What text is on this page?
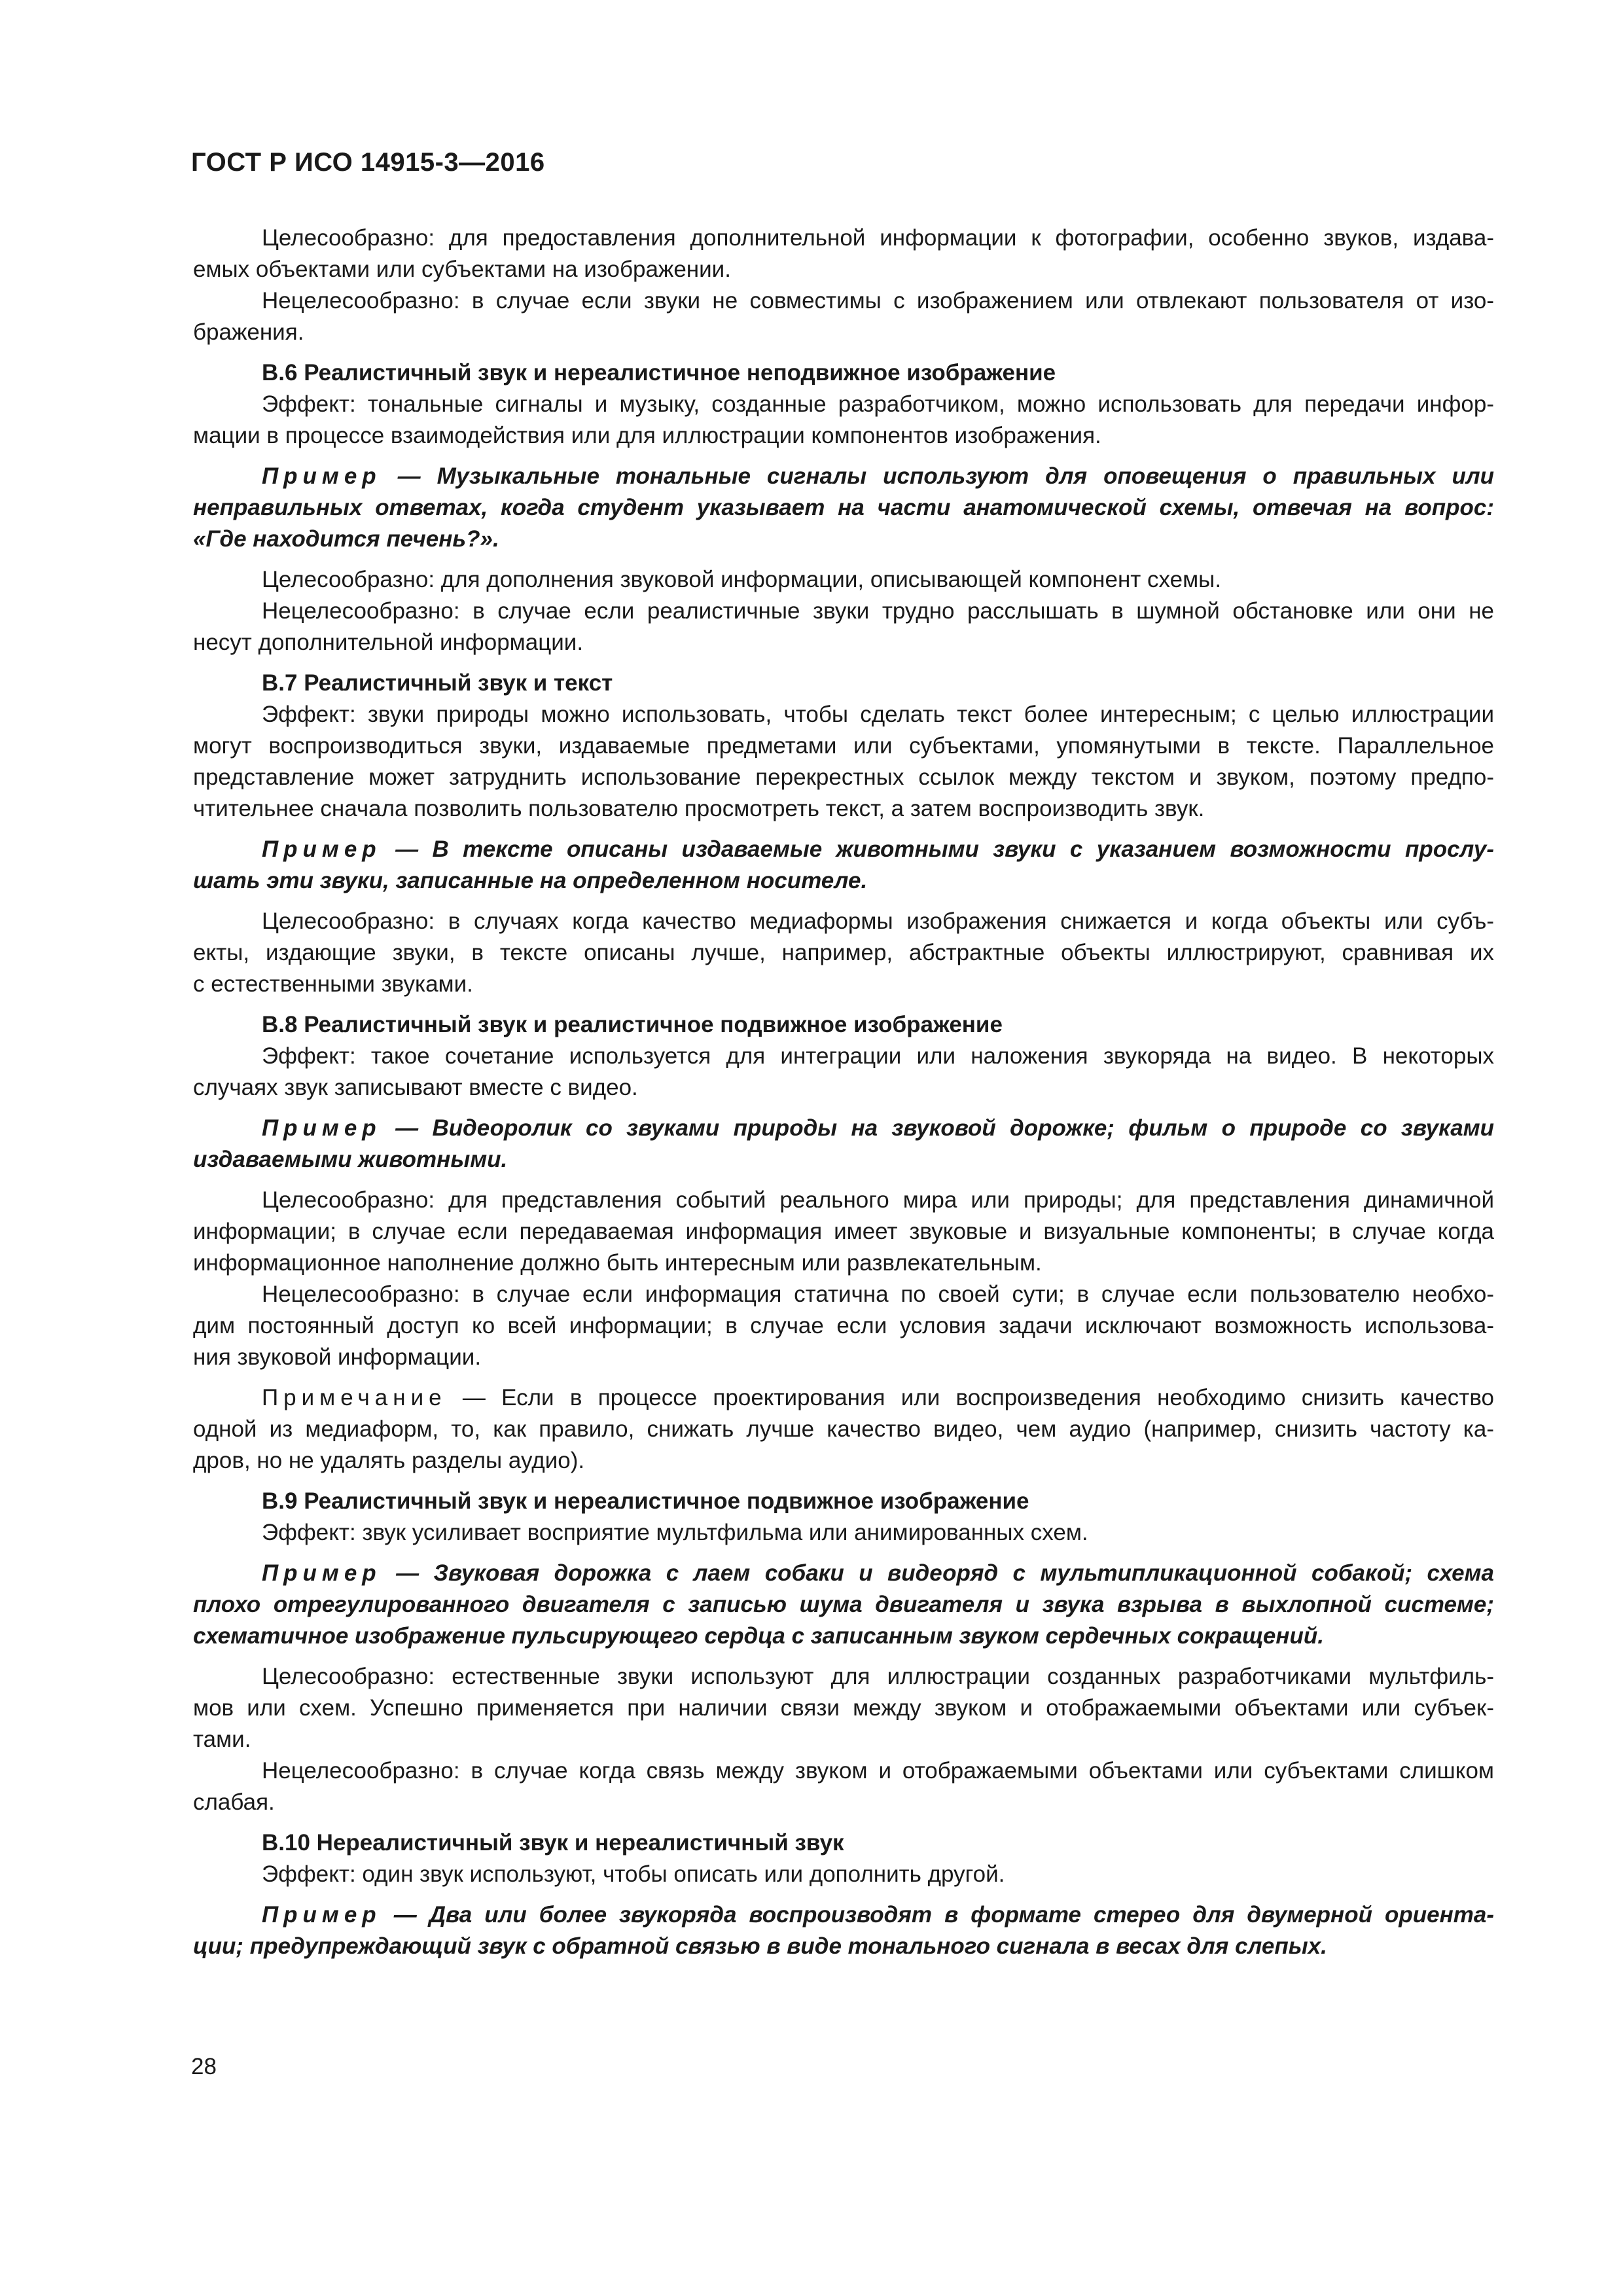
ГОСТ Р ИСО 14915-3—2016
Целесообразно: для предоставления дополнительной информации к фотографии, особенно звуков, издава-
емых объектами или субъектами на изображении.
Нецелесообразно: в случае если звуки не совместимы с изображением или отвлекают пользователя от изо-
бражения.
В.6 Реалистичный звук и нереалистичное неподвижное изображение
Эффект: тональные сигналы и музыку, созданные разработчиком, можно использовать для передачи инфор-
мации в процессе взаимодействия или для иллюстрации компонентов изображения.
Пример — Музыкальные тональные сигналы используют для оповещения о правильных или
неправильных ответах, когда студент указывает на части анатомической схемы, отвечая на вопрос:
«Где находится печень?».
Целесообразно: для дополнения звуковой информации, описывающей компонент схемы.
Нецелесообразно: в случае если реалистичные звуки трудно расслышать в шумной обстановке или они не
несут дополнительной информации.
В.7 Реалистичный звук и текст
Эффект: звуки природы можно использовать, чтобы сделать текст более интересным; с целью иллюстрации
могут воспроизводиться звуки, издаваемые предметами или субъектами, упомянутыми в тексте. Параллельное
представление может затруднить использование перекрестных ссылок между текстом и звуком, поэтому предпо-
чтительнее сначала позволить пользователю просмотреть текст, а затем воспроизводить звук.
Пример — В тексте описаны издаваемые животными звуки с указанием возможности прослу-
шать эти звуки, записанные на определенном носителе.
Целесообразно: в случаях когда качество медиаформы изображения снижается и когда объекты или субъ-
екты, издающие звуки, в тексте описаны лучше, например, абстрактные объекты иллюстрируют, сравнивая их
с естественными звуками.
В.8 Реалистичный звук и реалистичное подвижное изображение
Эффект: такое сочетание используется для интеграции или наложения звукоряда на видео. В некоторых
случаях звук записывают вместе с видео.
Пример — Видеоролик со звуками природы на звуковой дорожке; фильм о природе со звуками
издаваемыми животными.
Целесообразно: для представления событий реального мира или природы; для представления динамичной
информации; в случае если передаваемая информация имеет звуковые и визуальные компоненты; в случае когда
информационное наполнение должно быть интересным или развлекательным.
Нецелесообразно: в случае если информация статична по своей сути; в случае если пользователю необхо-
дим постоянный доступ ко всей информации; в случае если условия задачи исключают возможность использова-
ния звуковой информации.
Примечание — Если в процессе проектирования или воспроизведения необходимо снизить качество
одной из медиаформ, то, как правило, снижать лучше качество видео, чем аудио (например, снизить частоту ка-
дров, но не удалять разделы аудио).
В.9 Реалистичный звук и нереалистичное подвижное изображение
Эффект: звук усиливает восприятие мультфильма или анимированных схем.
Пример — Звуковая дорожка с лаем собаки и видеоряд с мультипликационной собакой; схема
плохо отрегулированного двигателя с записью шума двигателя и звука взрыва в выхлопной системе;
схематичное изображение пульсирующего сердца с записанным звуком сердечных сокращений.
Целесообразно: естественные звуки используют для иллюстрации созданных разработчиками мультфиль-
мов или схем. Успешно применяется при наличии связи между звуком и отображаемыми объектами или субъек-
тами.
Нецелесообразно: в случае когда связь между звуком и отображаемыми объектами или субъектами слишком
слабая.
В.10 Нереалистичный звук и нереалистичный звук
Эффект: один звук используют, чтобы описать или дополнить другой.
Пример — Два или более звукоряда воспроизводят в формате стерео для двумерной ориента-
ции; предупреждающий звук с обратной связью в виде тонального сигнала в весах для слепых.
28
